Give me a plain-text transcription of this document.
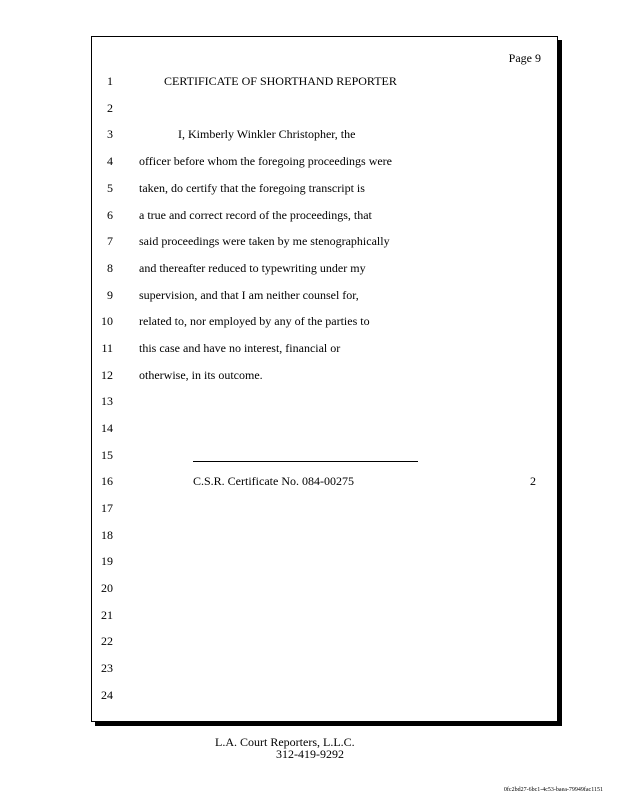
Page 9
1	CERTIFICATE OF SHORTHAND REPORTER
2
3	I, Kimberly Winkler Christopher, the
4 officer before whom the foregoing proceedings were
5 taken, do certify that the foregoing transcript is
6 a true and correct record of the proceedings, that
7 said proceedings were taken by me stenographically
8 and thereafter reduced to typewriting under my
9 supervision, and that I am neither counsel for,
10 related to, nor employed by any of the parties to
11 this case and have no interest, financial or
12 otherwise, in its outcome.
13
14
15
16	C.S.R. Certificate No. 084-00275	2
17
18
19
20
21
22
23
24
L.A. Court Reporters, L.L.C.
312-419-9292
0fc2bd27-6bc1-4c53-baea-79949fac1151
